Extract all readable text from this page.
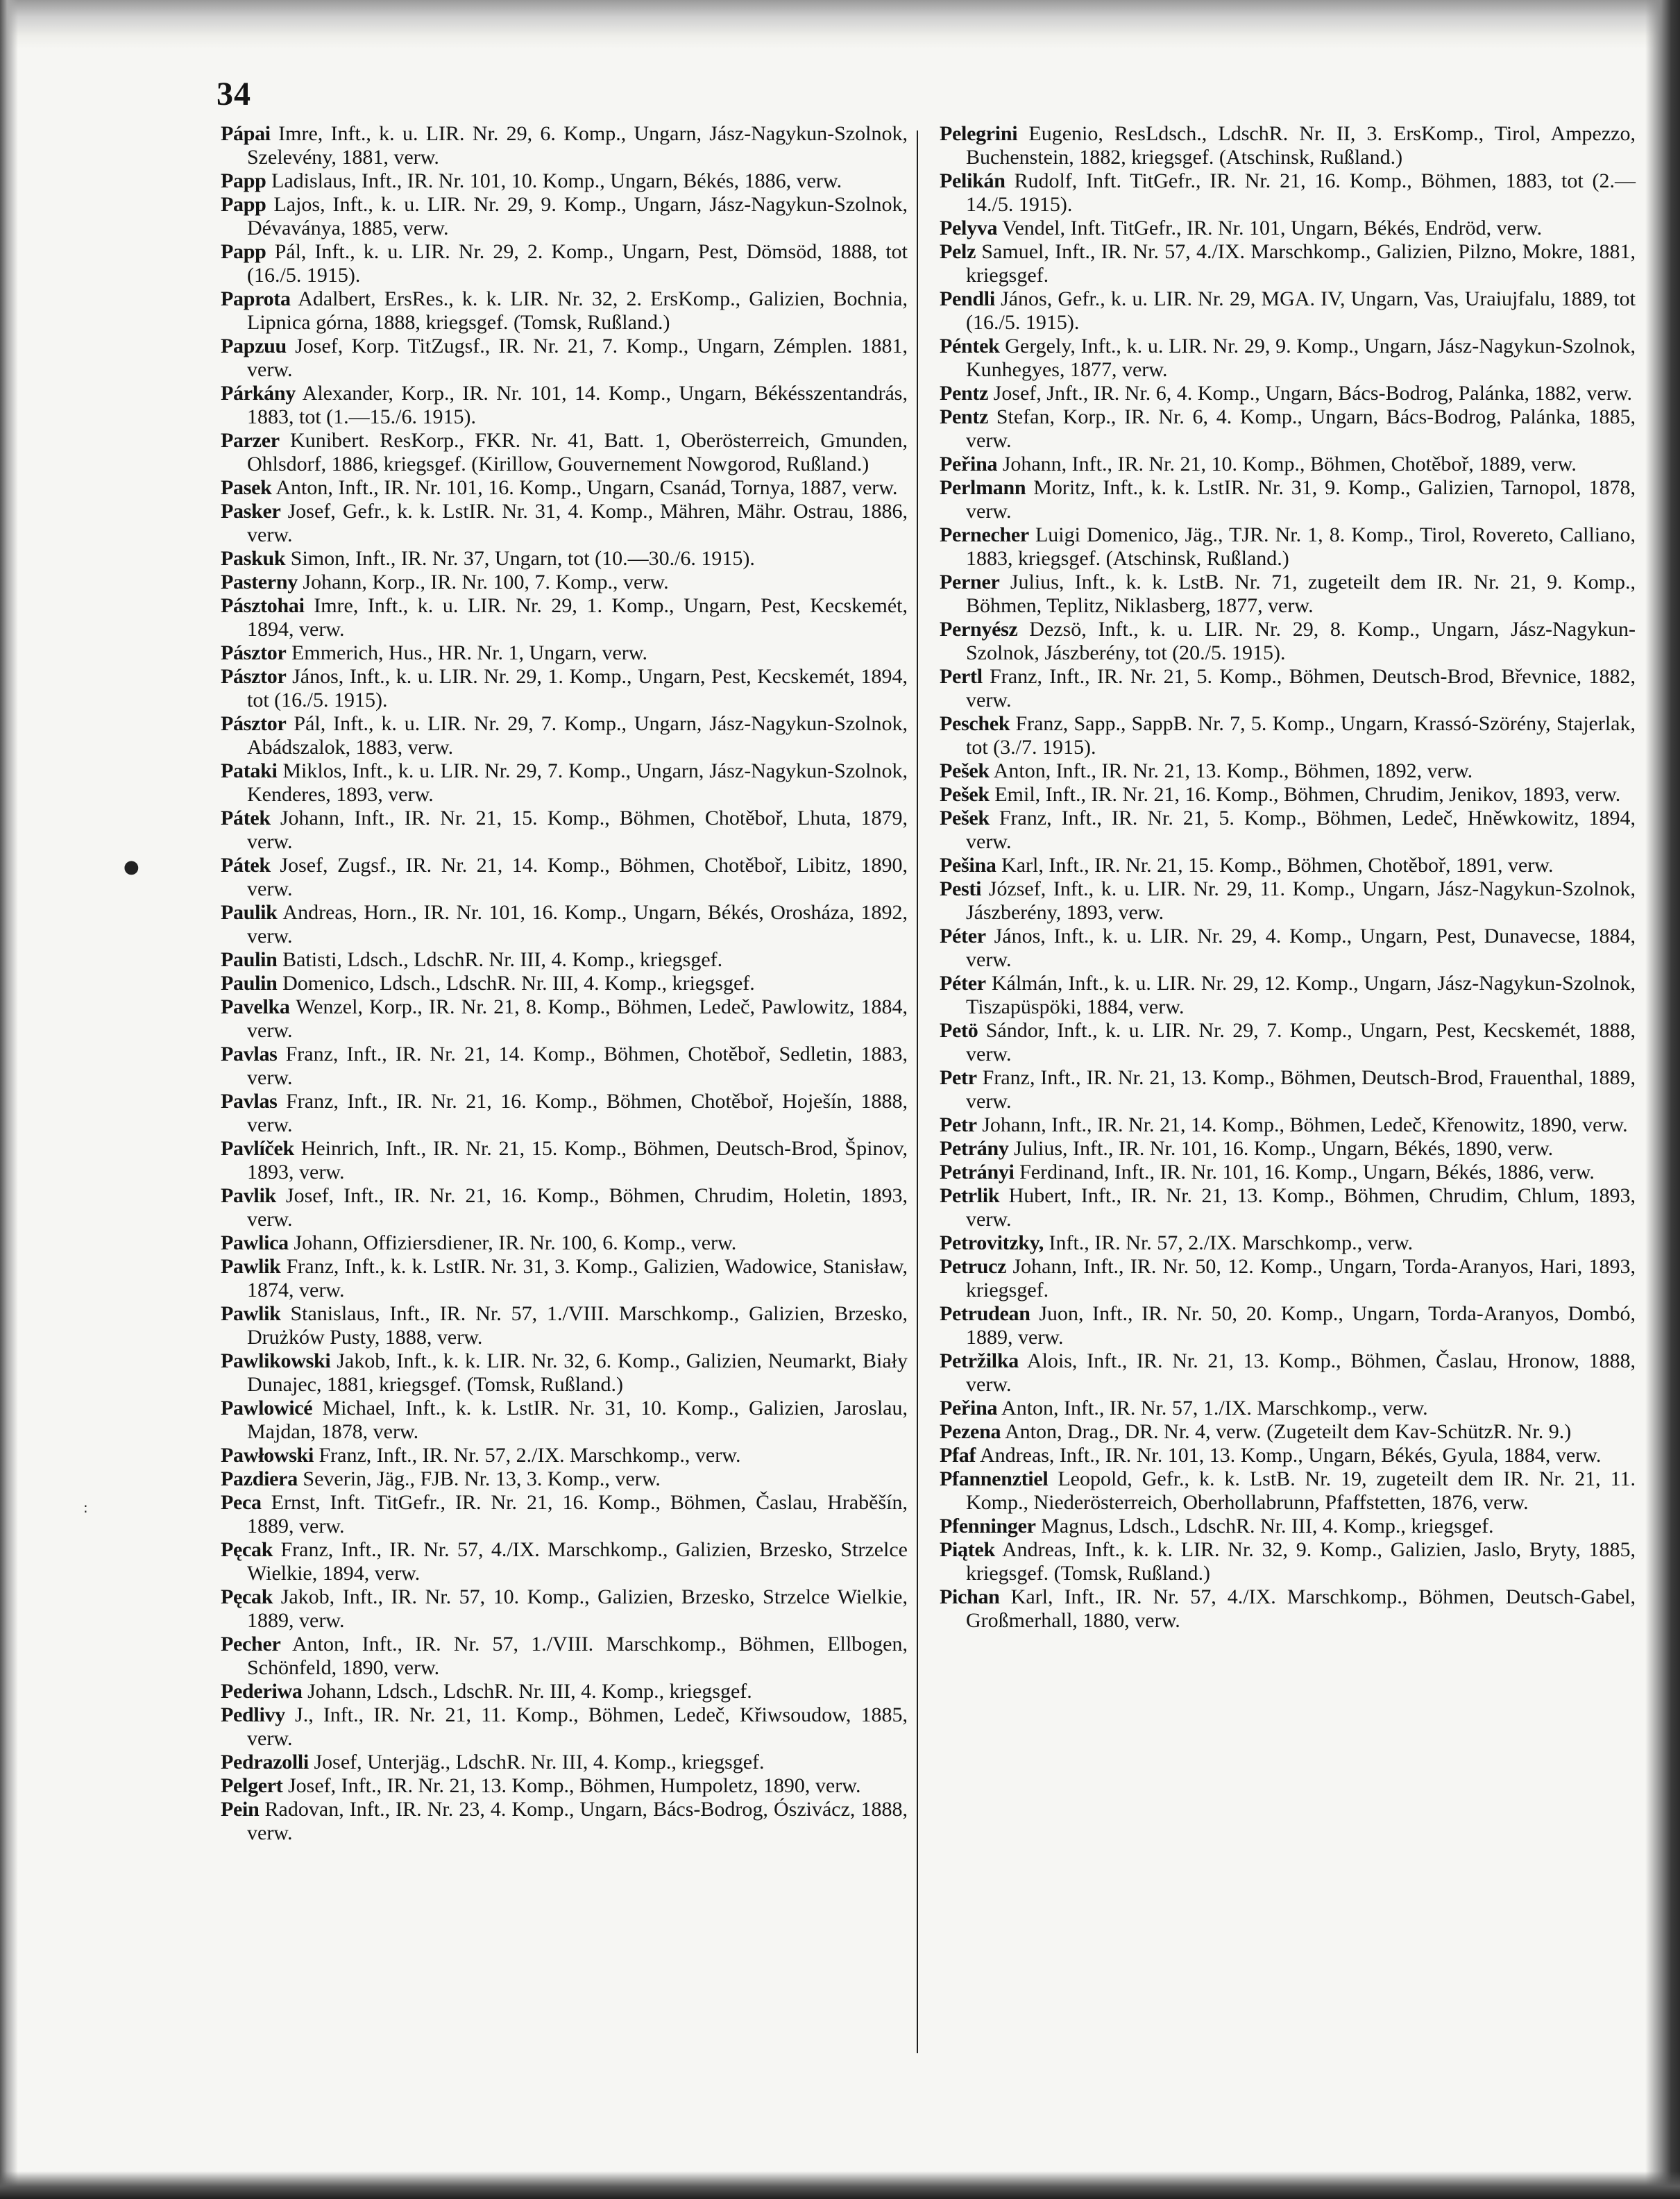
34
Pápai Imre, Inft., k. u. LIR. Nr. 29, 6. Komp., Ungarn, Jász-Nagykun-Szolnok, Szelevény, 1881, verw.
Papp Ladislaus, Inft., IR. Nr. 101, 10. Komp., Ungarn, Békés, 1886, verw.
Papp Lajos, Inft., k. u. LIR. Nr. 29, 9. Komp., Ungarn, Jász-Nagykun-Szolnok, Dévaványa, 1885, verw.
Papp Pál, Inft., k. u. LIR. Nr. 29, 2. Komp., Ungarn, Pest, Dömsöd, 1888, tot (16./5. 1915).
Paprota Adalbert, ErsRes., k. k. LIR. Nr. 32, 2. ErsKomp., Galizien, Bochnia, Lipnica górna, 1888, kriegsgef. (Tomsk, Rußland.)
Papzuu Josef, Korp. TitZugsf., IR. Nr. 21, 7. Komp., Ungarn, Zémplen. 1881, verw.
Párkány Alexander, Korp., IR. Nr. 101, 14. Komp., Ungarn, Békésszentandrás, 1883, tot (1.—15./6. 1915).
Parzer Kunibert. ResKorp., FKR. Nr. 41, Batt. 1, Oberösterreich, Gmunden, Ohlsdorf, 1886, kriegsgef. (Kirillow, Gouvernement Nowgorod, Rußland.)
Pasek Anton, Inft., IR. Nr. 101, 16. Komp., Ungarn, Csanád, Tornya, 1887, verw.
Pasker Josef, Gefr., k. k. LstIR. Nr. 31, 4. Komp., Mähren, Mähr. Ostrau, 1886, verw.
Paskuk Simon, Inft., IR. Nr. 37, Ungarn, tot (10.—30./6. 1915).
Pasterny Johann, Korp., IR. Nr. 100, 7. Komp., verw.
Pásztohai Imre, Inft., k. u. LIR. Nr. 29, 1. Komp., Ungarn, Pest, Kecskemét, 1894, verw.
Pásztor Emmerich, Hus., HR. Nr. 1, Ungarn, verw.
Pásztor János, Inft., k. u. LIR. Nr. 29, 1. Komp., Ungarn, Pest, Kecskemét, 1894, tot (16./5. 1915).
Pásztor Pál, Inft., k. u. LIR. Nr. 29, 7. Komp., Ungarn, Jász-Nagykun-Szolnok, Abádszalok, 1883, verw.
Pataki Miklos, Inft., k. u. LIR. Nr. 29, 7. Komp., Ungarn, Jász-Nagykun-Szolnok, Kenderes, 1893, verw.
Pátek Johann, Inft., IR. Nr. 21, 15. Komp., Böhmen, Chotěboř, Lhuta, 1879, verw.
Pátek Josef, Zugsf., IR. Nr. 21, 14. Komp., Böhmen, Chotěboř, Libitz, 1890, verw.
Paulik Andreas, Horn., IR. Nr. 101, 16. Komp., Ungarn, Békés, Orosháza, 1892, verw.
Paulin Batisti, Ldsch., LdschR. Nr. III, 4. Komp., kriegsgef.
Paulin Domenico, Ldsch., LdschR. Nr. III, 4. Komp., kriegsgef.
Pavelka Wenzel, Korp., IR. Nr. 21, 8. Komp., Böhmen, Ledeč, Pawlowitz, 1884, verw.
Pavlas Franz, Inft., IR. Nr. 21, 14. Komp., Böhmen, Chotěboř, Sedletin, 1883, verw.
Pavlas Franz, Inft., IR. Nr. 21, 16. Komp., Böhmen, Chotěboř, Hoješín, 1888, verw.
Pavlíček Heinrich, Inft., IR. Nr. 21, 15. Komp., Böhmen, Deutsch-Brod, Špinov, 1893, verw.
Pavlik Josef, Inft., IR. Nr. 21, 16. Komp., Böhmen, Chrudim, Holetin, 1893, verw.
Pawlica Johann, Offiziersdiener, IR. Nr. 100, 6. Komp., verw.
Pawlik Franz, Inft., k. k. LstIR. Nr. 31, 3. Komp., Galizien, Wadowice, Stanisław, 1874, verw.
Pawlik Stanislaus, Inft., IR. Nr. 57, 1./VIII. Marschkomp., Galizien, Brzesko, Drużków Pusty, 1888, verw.
Pawlikowski Jakob, Inft., k. k. LIR. Nr. 32, 6. Komp., Galizien, Neumarkt, Biały Dunajec, 1881, kriegsgef. (Tomsk, Rußland.)
Pawlowicé Michael, Inft., k. k. LstIR. Nr. 31, 10. Komp., Galizien, Jaroslau, Majdan, 1878, verw.
Pawłowski Franz, Inft., IR. Nr. 57, 2./IX. Marschkomp., verw.
Pazdiera Severin, Jäg., FJB. Nr. 13, 3. Komp., verw.
Peca Ernst, Inft. TitGefr., IR. Nr. 21, 16. Komp., Böhmen, Časlau, Hraběšín, 1889, verw.
Pęcak Franz, Inft., IR. Nr. 57, 4./IX. Marschkomp., Galizien, Brzesko, Strzelce Wielkie, 1894, verw.
Pęcak Jakob, Inft., IR. Nr. 57, 10. Komp., Galizien, Brzesko, Strzelce Wielkie, 1889, verw.
Pecher Anton, Inft., IR. Nr. 57, 1./VIII. Marschkomp., Böhmen, Ellbogen, Schönfeld, 1890, verw.
Pederiwa Johann, Ldsch., LdschR. Nr. III, 4. Komp., kriegsgef.
Pedlivy J., Inft., IR. Nr. 21, 11. Komp., Böhmen, Ledeč, Křiwsoudow, 1885, verw.
Pedrazolli Josef, Unterjäg., LdschR. Nr. III, 4. Komp., kriegsgef.
Pelgert Josef, Inft., IR. Nr. 21, 13. Komp., Böhmen, Humpoletz, 1890, verw.
Pein Radovan, Inft., IR. Nr. 23, 4. Komp., Ungarn, Bács-Bodrog, Ószivácz, 1888, verw.
Pelegrini Eugenio, ResLdsch., LdschR. Nr. II, 3. ErsKomp., Tirol, Ampezzo, Buchenstein, 1882, kriegsgef. (Atschinsk, Rußland.)
Pelikán Rudolf, Inft. TitGefr., IR. Nr. 21, 16. Komp., Böhmen, 1883, tot (2.—14./5. 1915).
Pelyva Vendel, Inft. TitGefr., IR. Nr. 101, Ungarn, Békés, Endröd, verw.
Pelz Samuel, Inft., IR. Nr. 57, 4./IX. Marschkomp., Galizien, Pilzno, Mokre, 1881, kriegsgef.
Pendli János, Gefr., k. u. LIR. Nr. 29, MGA. IV, Ungarn, Vas, Uraiujfalu, 1889, tot (16./5. 1915).
Péntek Gergely, Inft., k. u. LIR. Nr. 29, 9. Komp., Ungarn, Jász-Nagykun-Szolnok, Kunhegyes, 1877, verw.
Pentz Josef, Jnft., IR. Nr. 6, 4. Komp., Ungarn, Bács-Bodrog, Palánka, 1882, verw.
Pentz Stefan, Korp., IR. Nr. 6, 4. Komp., Ungarn, Bács-Bodrog, Palánka, 1885, verw.
Peřina Johann, Inft., IR. Nr. 21, 10. Komp., Böhmen, Chotěboř, 1889, verw.
Perlmann Moritz, Inft., k. k. LstIR. Nr. 31, 9. Komp., Galizien, Tarnopol, 1878, verw.
Pernecher Luigi Domenico, Jäg., TJR. Nr. 1, 8. Komp., Tirol, Rovereto, Calliano, 1883, kriegsgef. (Atschinsk, Rußland.)
Perner Julius, Inft., k. k. LstB. Nr. 71, zugeteilt dem IR. Nr. 21, 9. Komp., Böhmen, Teplitz, Niklasberg, 1877, verw.
Pernyész Dezsö, Inft., k. u. LIR. Nr. 29, 8. Komp., Ungarn, Jász-Nagykun-Szolnok, Jászberény, tot (20./5. 1915).
Pertl Franz, Inft., IR. Nr. 21, 5. Komp., Böhmen, Deutsch-Brod, Břevnice, 1882, verw.
Peschek Franz, Sapp., SappB. Nr. 7, 5. Komp., Ungarn, Krassó-Szörény, Stajerlak, tot (3./7. 1915).
Pešek Anton, Inft., IR. Nr. 21, 13. Komp., Böhmen, 1892, verw.
Pešek Emil, Inft., IR. Nr. 21, 16. Komp., Böhmen, Chrudim, Jenikov, 1893, verw.
Pešek Franz, Inft., IR. Nr. 21, 5. Komp., Böhmen, Ledeč, Hněwkowitz, 1894, verw.
Pešina Karl, Inft., IR. Nr. 21, 15. Komp., Böhmen, Chotěboř, 1891, verw.
Pesti József, Inft., k. u. LIR. Nr. 29, 11. Komp., Ungarn, Jász-Nagykun-Szolnok, Jászberény, 1893, verw.
Péter János, Inft., k. u. LIR. Nr. 29, 4. Komp., Ungarn, Pest, Dunavecse, 1884, verw.
Péter Kálmán, Inft., k. u. LIR. Nr. 29, 12. Komp., Ungarn, Jász-Nagykun-Szolnok, Tiszapüspöki, 1884, verw.
Petö Sándor, Inft., k. u. LIR. Nr. 29, 7. Komp., Ungarn, Pest, Kecskemét, 1888, verw.
Petr Franz, Inft., IR. Nr. 21, 13. Komp., Böhmen, Deutsch-Brod, Frauenthal, 1889, verw.
Petr Johann, Inft., IR. Nr. 21, 14. Komp., Böhmen, Ledeč, Křenowitz, 1890, verw.
Petrány Julius, Inft., IR. Nr. 101, 16. Komp., Ungarn, Békés, 1890, verw.
Petrányi Ferdinand, Inft., IR. Nr. 101, 16. Komp., Ungarn, Békés, 1886, verw.
Petrlik Hubert, Inft., IR. Nr. 21, 13. Komp., Böhmen, Chrudim, Chlum, 1893, verw.
Petrovitzky, Inft., IR. Nr. 57, 2./IX. Marschkomp., verw.
Petrucz Johann, Inft., IR. Nr. 50, 12. Komp., Ungarn, Torda-Aranyos, Hari, 1893, kriegsgef.
Petrudean Juon, Inft., IR. Nr. 50, 20. Komp., Ungarn, Torda-Aranyos, Dombó, 1889, verw.
Petržilka Alois, Inft., IR. Nr. 21, 13. Komp., Böhmen, Časlau, Hronow, 1888, verw.
Peřina Anton, Inft., IR. Nr. 57, 1./IX. Marschkomp., verw.
Pezena Anton, Drag., DR. Nr. 4, verw. (Zugeteilt dem Kav-SchützR. Nr. 9.)
Pfaf Andreas, Inft., IR. Nr. 101, 13. Komp., Ungarn, Békés, Gyula, 1884, verw.
Pfannenztiel Leopold, Gefr., k. k. LstB. Nr. 19, zugeteilt dem IR. Nr. 21, 11. Komp., Niederösterreich, Oberhollabrunn, Pfaffstetten, 1876, verw.
Pfenninger Magnus, Ldsch., LdschR. Nr. III, 4. Komp., kriegsgef.
Piątek Andreas, Inft., k. k. LIR. Nr. 32, 9. Komp., Galizien, Jaslo, Bryty, 1885, kriegsgef. (Tomsk, Rußland.)
Pichan Karl, Inft., IR. Nr. 57, 4./IX. Marschkomp., Böhmen, Deutsch-Gabel, Großmerhall, 1880, verw.
●
:
